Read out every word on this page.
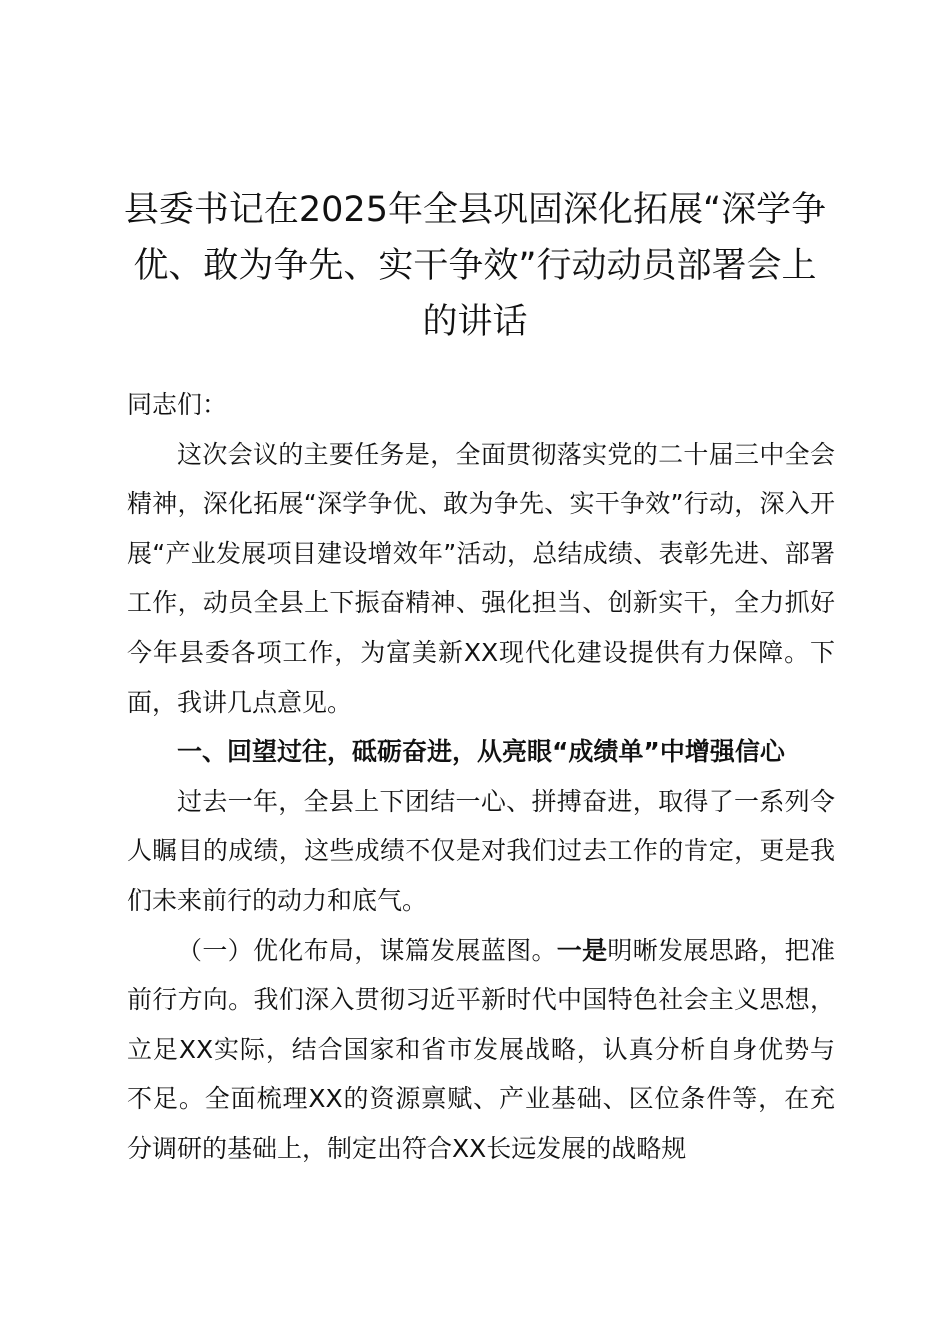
县委书记在2025年全县巩固深化拓展“深学争优、敢为争先、实干争效”行动动员部署会上的讲话

同志们：

这次会议的主要任务是，全面贯彻落实党的二十届三中全会精神，深化拓展“深学争优、敢为争先、实干争效”行动，深入开展“产业发展项目建设增效年”活动，总结成绩、表彰先进、部署工作，动员全县上下振奋精神、强化担当、创新实干，全力抓好今年县委各项工作，为富美新XX现代化建设提供有力保障。下面，我讲几点意见。

一、回望过往，砥砺奋进，从亮眼“成绩单”中增强信心

过去一年，全县上下团结一心、拼搏奋进，取得了一系列令人瞩目的成绩，这些成绩不仅是对我们过去工作的肯定，更是我们未来前行的动力和底气。

（一）优化布局，谋篇发展蓝图。一是明晰发展思路，把准前行方向。我们深入贯彻习近平新时代中国特色社会主义思想，立足XX实际，结合国家和省市发展战略，认真分析自身优势与不足。全面梳理XX的资源禀赋、产业基础、区位条件等，在充分调研的基础上，制定出符合XX长远发展的战略规
